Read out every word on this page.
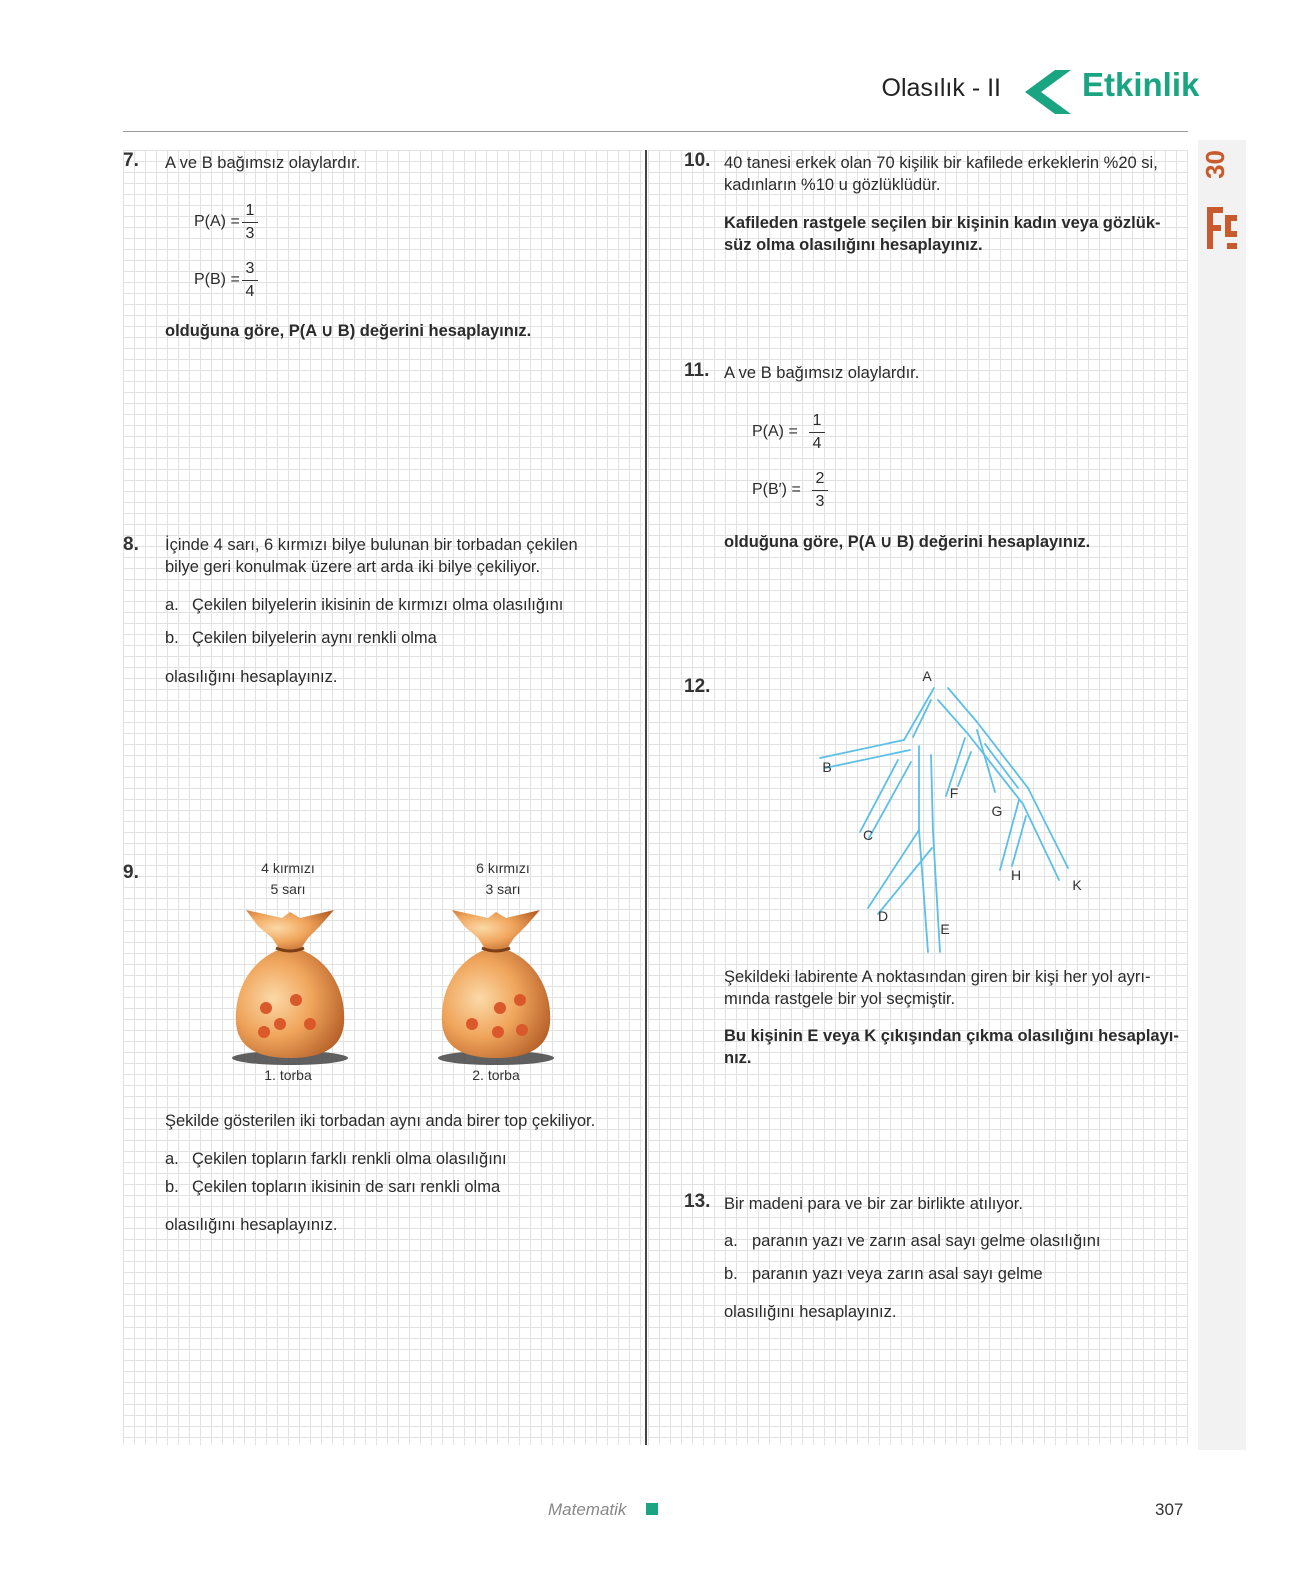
Olasılık - II Etkinlik
30
7. A ve B bağımsız olaylardır.
$P(A) = \frac{1}{3}$
$P(B) = \frac{3}{4}$
olduğuna göre, P(A ∪ B) değerini hesaplayınız.
8. İçinde 4 sarı, 6 kırmızı bilye bulunan bir torbadan çekilen
bilye geri konulmak üzere art arda iki bilye çekiliyor.
a. Çekilen bilyelerin ikisinin de kırmızı olma olasılığını
b. Çekilen bilyelerin aynı renkli olma
olasılığını hesaplayınız.
9.	4 kırmızı
5 sarı
6 kırmızı
3 sarı
1. torba	2. torba
Şekilde gösterilen iki torbadan aynı anda birer top çekiliyor.
a. Çekilen topların farklı renkli olma olasılığını
b. Çekilen topların ikisinin de sarı renkli olma
olasılığını hesaplayınız.
10. 40 tanesi erkek olan 70 kişilik bir kafilede erkeklerin %20 si,
kadınların %10 u gözlüklüdür.
Kafileden rastgele seçilen bir kişinin kadın veya gözlük-
süz olma olasılığını hesaplayınız.
11. A ve B bağımsız olaylardır.
$P(A) = \frac{1}{4}$
$P(B') = \frac{2}{3}$
olduğuna göre, P(A ∪ B) değerini hesaplayınız.
12.	A
B
C
D
E
F
G
H
K
Şekildeki labirente A noktasından giren bir kişi her yol ayrı-
mında rastgele bir yol seçmiştir.
Bu kişinin E veya K çıkışından çıkma olasılığını hesaplayı-
nız.
13. Bir madeni para ve bir zar birlikte atılıyor.
a. paranın yazı ve zarın asal sayı gelme olasılığını
b. paranın yazı veya zarın asal sayı gelme
olasılığını hesaplayınız.
Matematik	307
